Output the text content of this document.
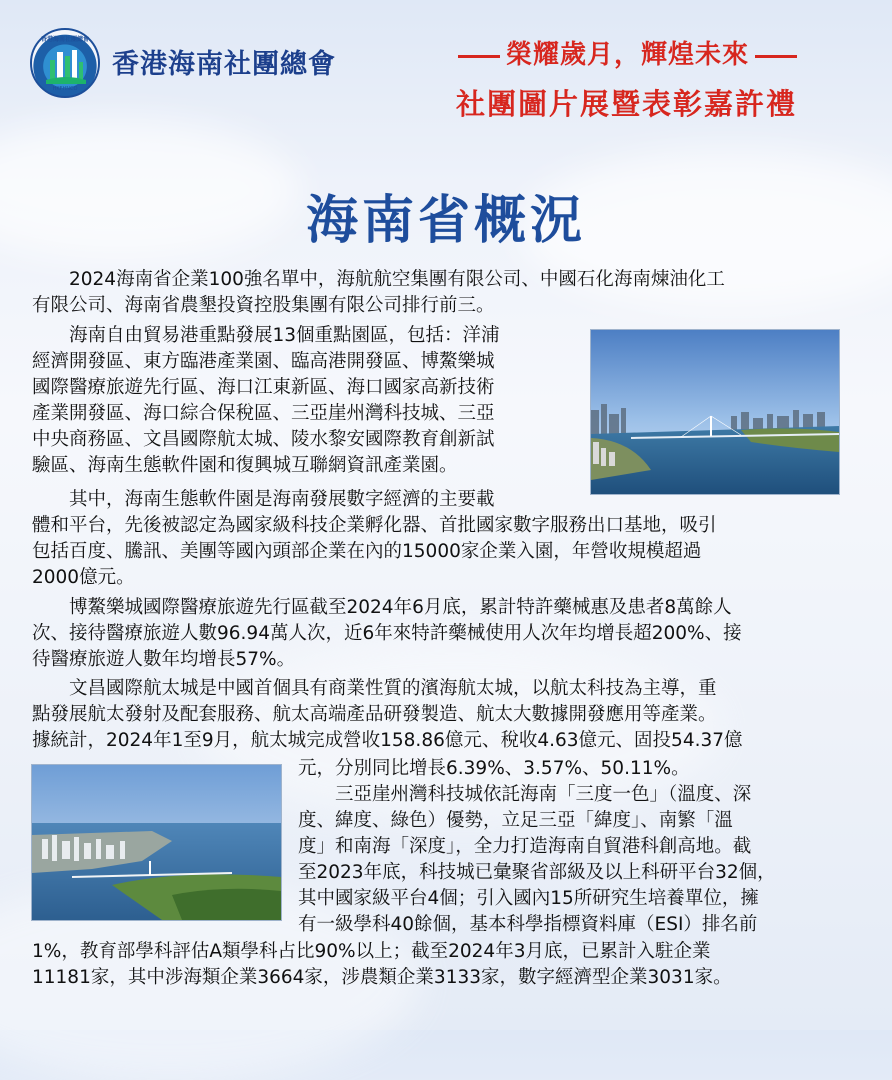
香港海南社團總會
HKFHNCO
香港海南社團總會	榮耀歲月，輝煌未來
社團圖片展暨表彰嘉許禮
海南省概況
　　2024海南省企業100強名單中，海航航空集團有限公司、中國石化海南煉油化工
有限公司、海南省農墾投資控股集團有限公司排行前三。
　　海南自由貿易港重點發展13個重點園區，包括：洋浦
經濟開發區、東方臨港產業園、臨高港開發區、博鰲樂城
國際醫療旅遊先行區、海口江東新區、海口國家高新技術
產業開發區、海口綜合保稅區、三亞崖州灣科技城、三亞
中央商務區、文昌國際航太城、陵水黎安國際教育創新試
驗區、海南生態軟件園和復興城互聯網資訊產業園。
　　其中，海南生態軟件園是海南發展數字經濟的主要載
體和平台，先後被認定為國家級科技企業孵化器、首批國家數字服務出口基地，吸引
包括百度、騰訊、美團等國內頭部企業在內的15000家企業入園，年營收規模超過
2000億元。
　　博鰲樂城國際醫療旅遊先行區截至2024年6月底，累計特許藥械惠及患者8萬餘人
次、接待醫療旅遊人數96.94萬人次，近6年來特許藥械使用人次年均增長超200%、接
待醫療旅遊人數年均增長57%。
　　文昌國際航太城是中國首個具有商業性質的濱海航太城，以航太科技為主導，重
點發展航太發射及配套服務、航太高端產品研發製造、航太大數據開發應用等產業。
據統計，2024年1至9月，航太城完成營收158.86億元、稅收4.63億元、固投54.37億
元，分別同比增長6.39%、3.57%、50.11%。
　　三亞崖州灣科技城依託海南「三度一色」（溫度、深
度、緯度、綠色）優勢，立足三亞「緯度」、南繁「溫
度」和南海「深度」，全力打造海南自貿港科創高地。截
至2023年底，科技城已彙聚省部級及以上科研平台32個，
其中國家級平台4個；引入國內15所研究生培養單位，擁
有一級學科40餘個，基本科學指標資料庫（ESI）排名前
1%，教育部學科評估A類學科占比90%以上；截至2024年3月底，已累計入駐企業
11181家，其中涉海類企業3664家，涉農類企業3133家，數字經濟型企業3031家。
